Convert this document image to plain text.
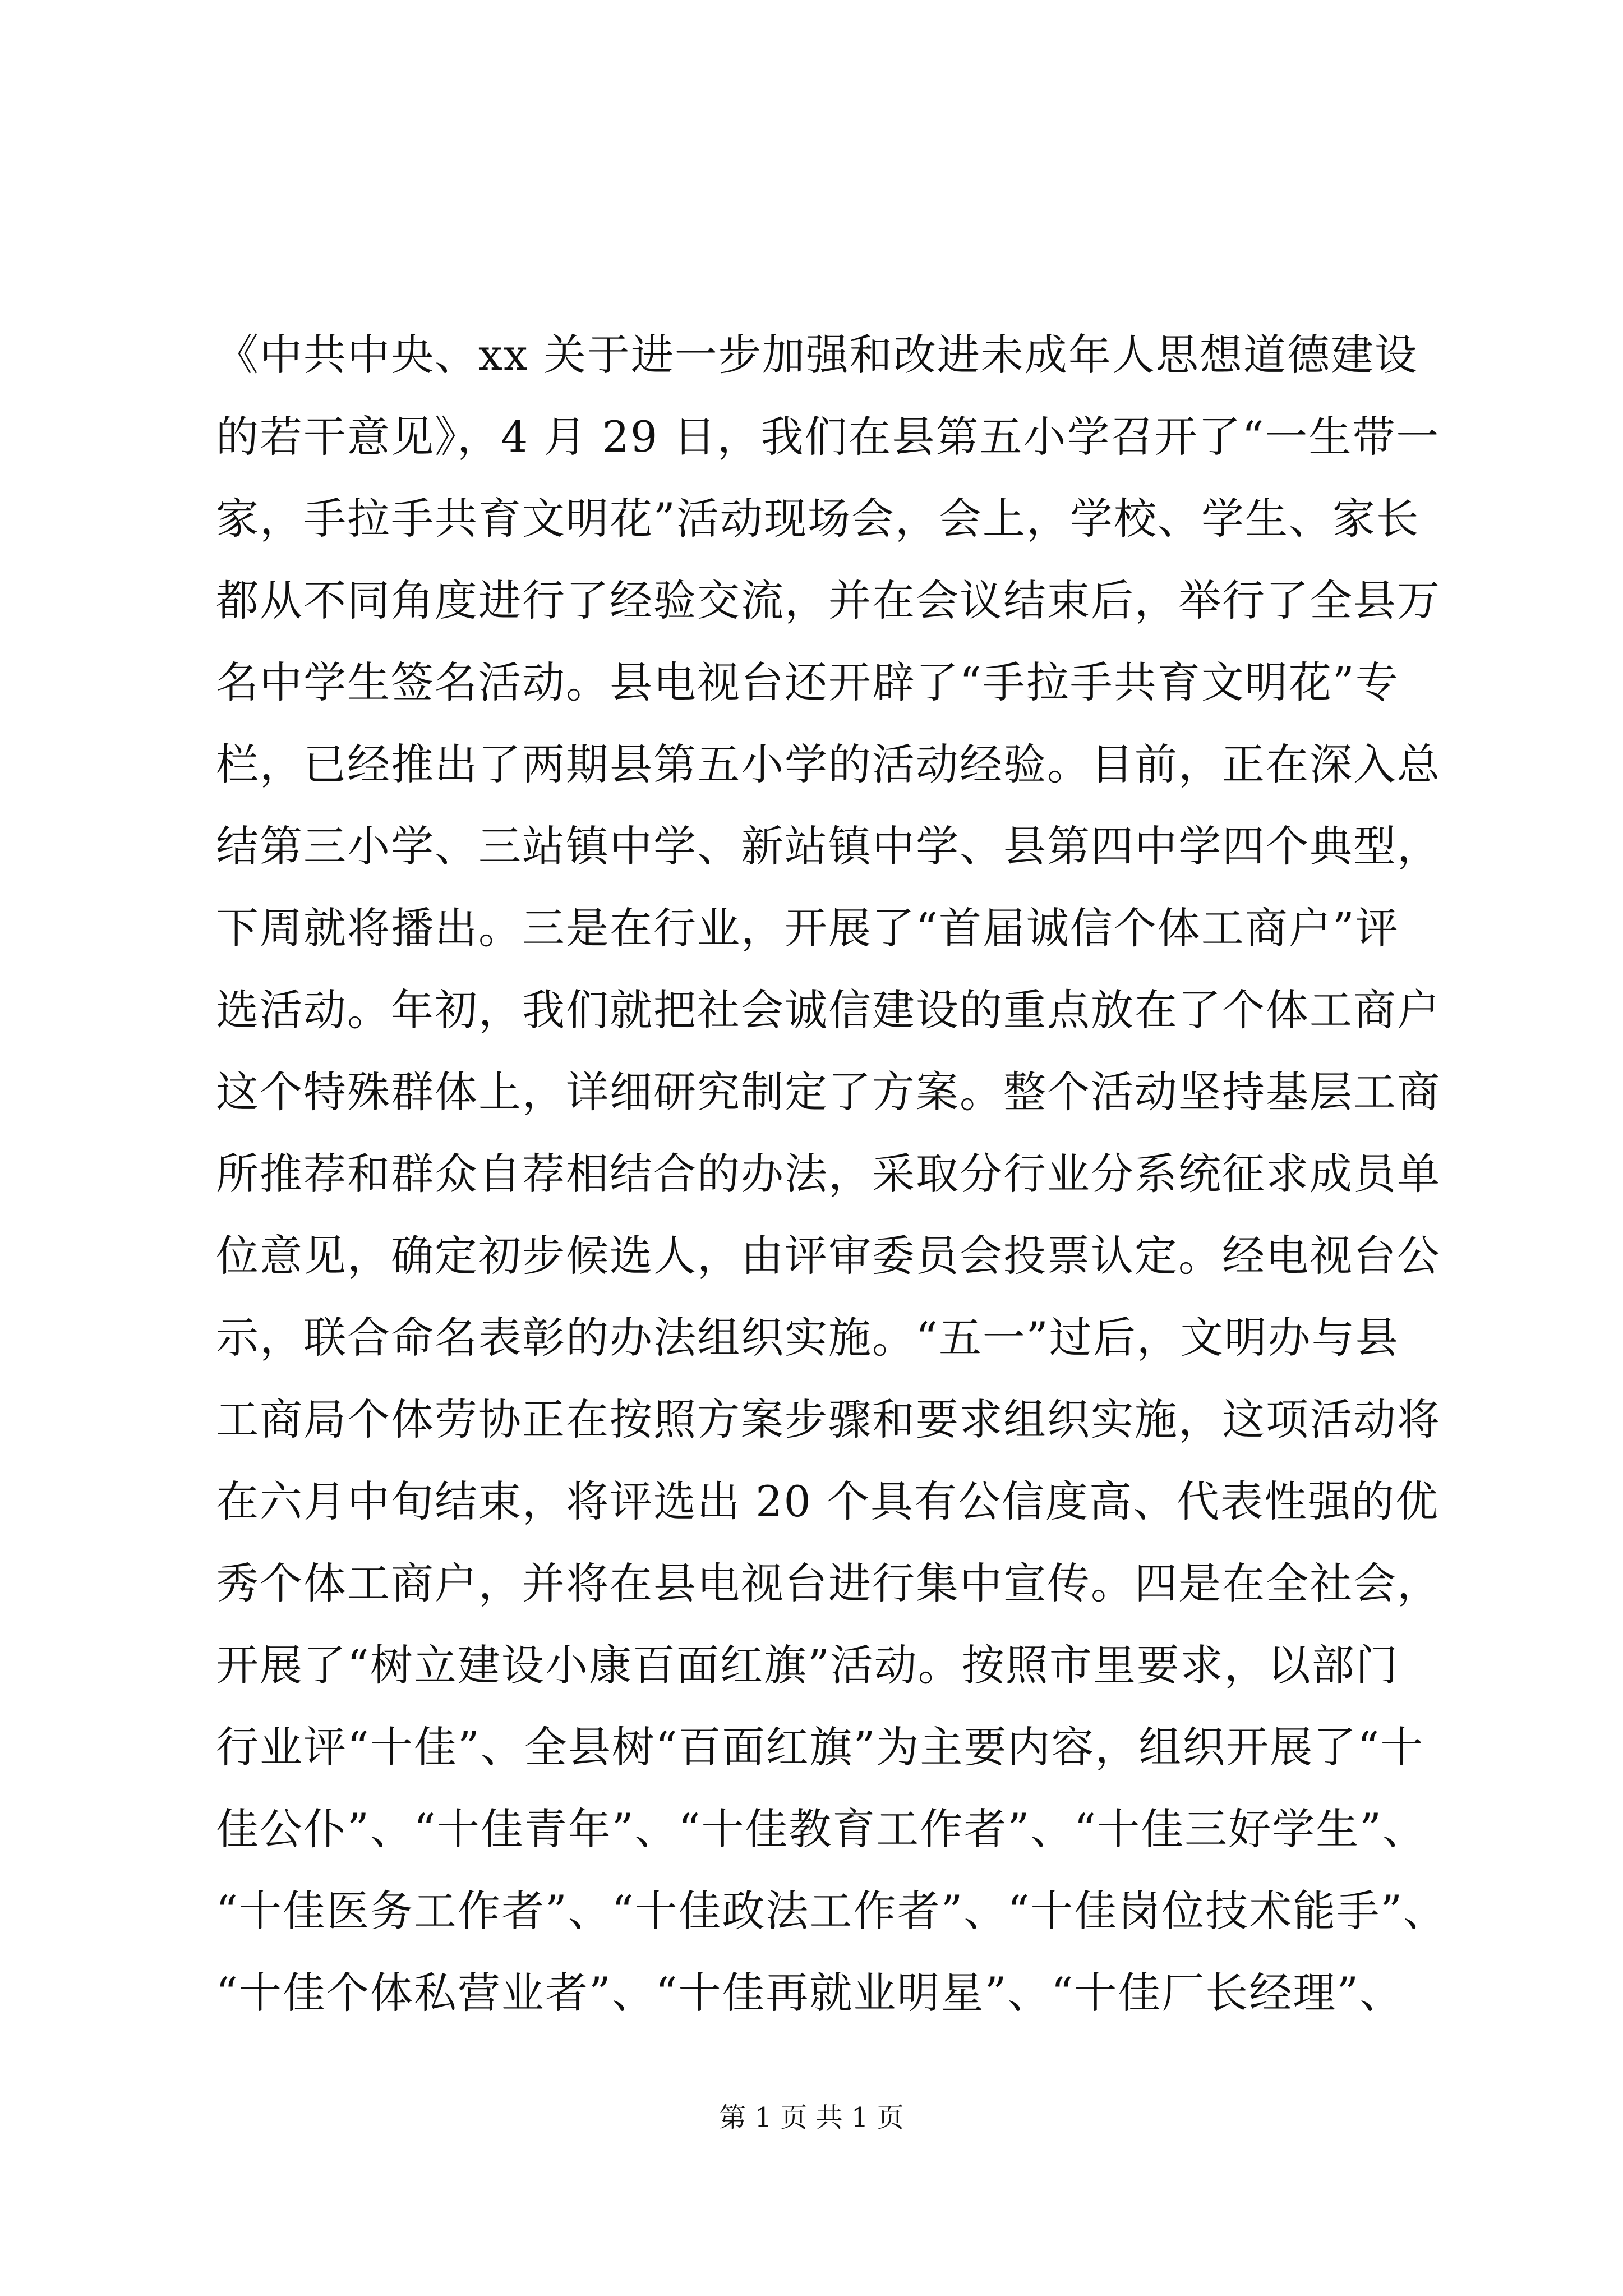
《中共中央、xx 关于进一步加强和改进未成年人思想道德建设
的若干意见》，4 月 29 日，我们在县第五小学召开了“一生带一
家，手拉手共育文明花”活动现场会，会上，学校、学生、家长
都从不同角度进行了经验交流，并在会议结束后，举行了全县万
名中学生签名活动。县电视台还开辟了“手拉手共育文明花”专
栏，已经推出了两期县第五小学的活动经验。目前，正在深入总
结第三小学、三站镇中学、新站镇中学、县第四中学四个典型，
下周就将播出。三是在行业，开展了“首届诚信个体工商户”评
选活动。年初，我们就把社会诚信建设的重点放在了个体工商户
这个特殊群体上，详细研究制定了方案。整个活动坚持基层工商
所推荐和群众自荐相结合的办法，采取分行业分系统征求成员单
位意见，确定初步候选人，由评审委员会投票认定。经电视台公
示，联合命名表彰的办法组织实施。“五一”过后，文明办与县
工商局个体劳协正在按照方案步骤和要求组织实施，这项活动将
在六月中旬结束，将评选出 20 个具有公信度高、代表性强的优
秀个体工商户，并将在县电视台进行集中宣传。四是在全社会，
开展了“树立建设小康百面红旗”活动。按照市里要求，以部门
行业评“十佳”、全县树“百面红旗”为主要内容，组织开展了“十
佳公仆”、“十佳青年”、“十佳教育工作者”、“十佳三好学生”、
“十佳医务工作者”、“十佳政法工作者”、“十佳岗位技术能手”、
“十佳个体私营业者”、“十佳再就业明星”、“十佳厂长经理”、
第 1 页 共 1 页
